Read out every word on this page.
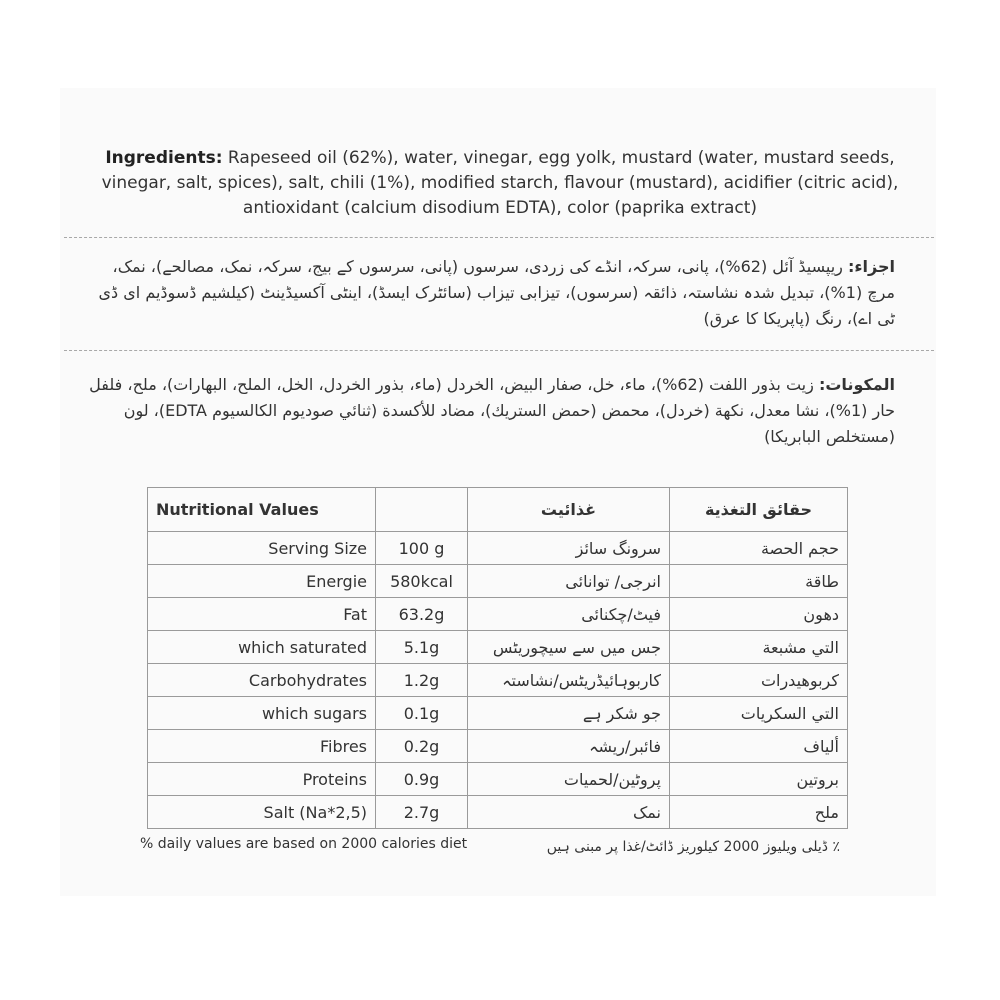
Ingredients: Rapeseed oil (62%), water, vinegar, egg yolk, mustard (water, mustard seeds, vinegar, salt, spices), salt, chili (1%), modified starch, flavour (mustard), acidifier (citric acid), antioxidant (calcium disodium EDTA), color (paprika extract)
اجزاء: ریپسیڈ آئل (62%)، پانی، سرکہ، انڈے کی زردی، سرسوں (پانی، سرسوں کے بیج، سرکہ، نمک، مصالحے)، نمک، مرچ (1%)، تبدیل شدہ نشاستہ، ذائقہ (سرسوں)، تیزابی تیزاب (سائٹرک ایسڈ)، اینٹی آکسیڈینٹ (کیلشیم ڈسوڈیم ای ڈی ٹی اے)، رنگ (پاپریکا کا عرق)
المكونات: زيت بذور اللفت (62%)، ماء، خل، صفار البيض، الخردل (ماء، بذور الخردل، الخل، الملح، البهارات)، ملح، فلفل حار (1%)، نشا معدل، نكهة (خردل)، محمض (حمض الستريك)، مضاد للأكسدة (ثنائي صوديوم الكالسيوم EDTA)، لون (مستخلص البابريكا)
Nutritional Values		غذائیت	حقائق التغذية
Serving Size	100 g	سرونگ سائز	حجم الحصة
Energie	580kcal	انرجی/ توانائی	طاقة
Fat	63.2g	فیٹ/چکنائی	دهون
which saturated	5.1g	جس میں سے سیچوریٹس	التي مشبعة
Carbohydrates	1.2g	کاربوہائیڈریٹس/نشاستہ	كربوهيدرات
which sugars	0.1g	جو شکر ہے	التي السكريات
Fibres	0.2g	فائبر/ریشہ	ألياف
Proteins	0.9g	پروٹین/لحمیات	بروتين
Salt (Na*2,5)	2.7g	نمک	ملح
% daily values are based on 2000 calories diet	٪ ڈیلی ویلیوز 2000 کیلوریز ڈائٹ/غذا پر مبنی ہیں
